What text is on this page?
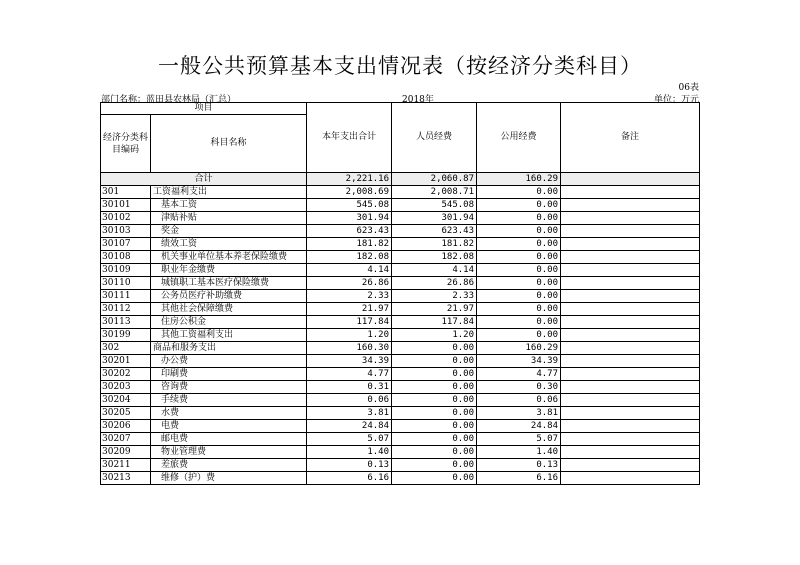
一般公共预算基本支出情况表（按经济分类科目）
06表
部门名称：蓝田县农林局（汇总）	2018年	单位：万元
项目		本年支出合计	人员经费	公用经费	备注
经济分类科目编码	科目名称				
合计		2,221.16	2,060.87	160.29	
301	工资福利支出	2,008.69	2,008.71	0.00	
30101	基本工资	545.08	545.08	0.00	
30102	津贴补贴	301.94	301.94	0.00	
30103	奖金	623.43	623.43	0.00	
30107	绩效工资	181.82	181.82	0.00	
30108	机关事业单位基本养老保险缴费	182.08	182.08	0.00	
30109	职业年金缴费	4.14	4.14	0.00	
30110	城镇职工基本医疗保险缴费	26.86	26.86	0.00	
30111	公务员医疗补助缴费	2.33	2.33	0.00	
30112	其他社会保障缴费	21.97	21.97	0.00	
30113	住房公积金	117.84	117.84	0.00	
30199	其他工资福利支出	1.20	1.20	0.00	
302	商品和服务支出	160.30	0.00	160.29	
30201	办公费	34.39	0.00	34.39	
30202	印刷费	4.77	0.00	4.77	
30203	咨询费	0.31	0.00	0.30	
30204	手续费	0.06	0.00	0.06	
30205	水费	3.81	0.00	3.81	
30206	电费	24.84	0.00	24.84	
30207	邮电费	5.07	0.00	5.07	
30209	物业管理费	1.40	0.00	1.40	
30211	差旅费	0.13	0.00	0.13	
30213	维修（护）费	6.16	0.00	6.16	
